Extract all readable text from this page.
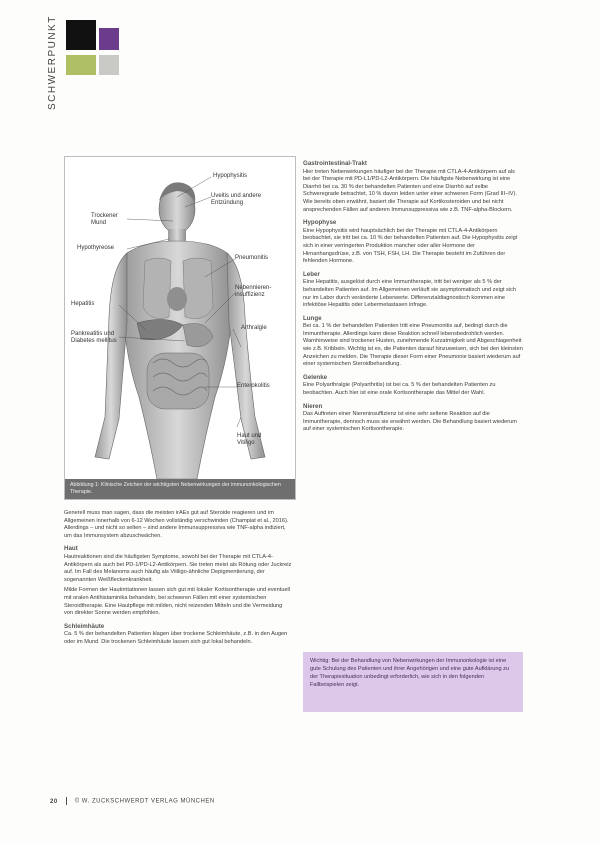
SCHWERPUNKT
Hypophysitis
Uveitis und andere Entzündung
Trockener Mund
Hypothyreose
Pneumonitis
Nebennieren-insuffizienz
Hepatitis
Arthralgie
Pankreatitis und Diabetes mellitus
Enterokolitis
Haut und Vitiligo
Abbildung 1: Klinische Zeichen der wichtigsten Nebenwirkungen der immunonkologischen Therapie.

Generell muss man sagen, dass die meisten irAEs gut auf Steroide reagieren und im Allgemeinen innerhalb von 6-12 Wochen vollständig verschwinden (Champiat et al., 2016). Allerdings – und nicht so selten – sind andere Immunsuppressiva wie TNF-alpha indiziert, um das Immunsystem abzuschwächen.

Haut

Hautreaktionen sind die häufigsten Symptome, sowohl bei der Therapie mit CTLA-4-Antikörpern als auch bei PD-1/PD-L2-Antikörpern. Sie treten meist als Rötung oder Juckreiz auf. Im Fall des Melanoms auch häufig als Vitiligo-ähnliche Depigmentierung, der sogenannten Weißfleckenkrankheit.

Milde Formen der Hautirritationen lassen sich gut mit lokaler Kortisontherapie und eventuell mit oralen Antihistaminika behandeln, bei schweren Fällen mit einer systemischen Steroidtherapie. Eine Hautpflege mit milden, nicht reizenden Mitteln und die Vermeidung von direkter Sonne werden empfohlen.

Schleimhäute

Ca. 5 % der behandelten Patienten klagen über trockene Schleimhäute, z.B. in den Augen oder im Mund. Die trockenen Schleimhäute lassen sich gut lokal behandeln.

Gastrointestinal-Trakt

Hier treten Nebenwirkungen häufiger bei der Therapie mit CTLA-4-Antikörpern auf als bei der Therapie mit PD-L1/PD-L2-Antikörpern. Die häufigste Nebenwirkung ist eine Diarrhö bei ca. 30 % der behandelten Patienten und eine Diarrhö auf selbe Schweregrade betrachtet, 10 % davon leiden unter einer schweren Form (Grad III–IV). Wie bereits oben erwähnt, basiert die Therapie auf Kortikosteroiden und bei nicht ansprechenden Fällen auf anderen Immunsuppressiva wie z.B. TNF-alpha-Blockern.

Hypophyse

Eine Hypophysitis wird hauptsächlich bei der Therapie mit CTLA-4-Antikörpern beobachtet, sie tritt bei ca. 10 % der behandelten Patienten auf. Die Hypophysitis zeigt sich in einer verringerten Produktion mancher oder aller Hormone der Hirnanhangsdrüse, z.B. von TSH, FSH, LH. Die Therapie besteht im Zuführen der fehlenden Hormone.

Leber

Eine Hepatitis, ausgelöst durch eine Immuntherapie, tritt bei weniger als 5 % der behandelten Patienten auf. Im Allgemeinen verläuft sie asymptomatisch und zeigt sich nur im Labor durch veränderte Leberwerte. Differenzialdiagnostisch kommen eine infektiöse Hepatitis oder Lebermetastasen infrage.

Lunge

Bei ca. 1 % der behandelten Patienten tritt eine Pneumonitis auf, bedingt durch die Immuntherapie. Allerdings kann diese Reaktion schnell lebensbedrohlich werden. Warnhinweise sind trockener Husten, zunehmende Kurzatmigkeit und Abgeschlagenheit wie z.B. Kribbeln. Wichtig ist es, die Patienten darauf hinzuweisen, sich bei den kleinsten Anzeichen zu melden. Die Therapie dieser Form einer Pneumonie basiert wiederum auf einer systemischen Steroidbehandlung.

Gelenke

Eine Polyarthralgie (Polyarthritis) ist bei ca. 5 % der behandelten Patienten zu beobachten. Auch hier ist eine orale Kortisontherapie das Mittel der Wahl.

Nieren

Das Auftreten einer Niereninsuffizienz ist eine sehr seltene Reaktion auf die Immuntherapie, dennoch muss sie erwähnt werden. Die Behandlung basiert wiederum auf einer systemischen Kortisontherapie.

Wichtig: Bei der Behandlung von Nebenwirkungen der Immunonkologie ist eine gute Schulung des Patienten und ihrer Angehörigen und eine gute Aufklärung zu der Therapiesituation unbedingt erforderlich, wie sich in den folgenden Fallbeispielen zeigt.
20	© W. ZUCKSCHWERDT VERLAG MÜNCHEN
